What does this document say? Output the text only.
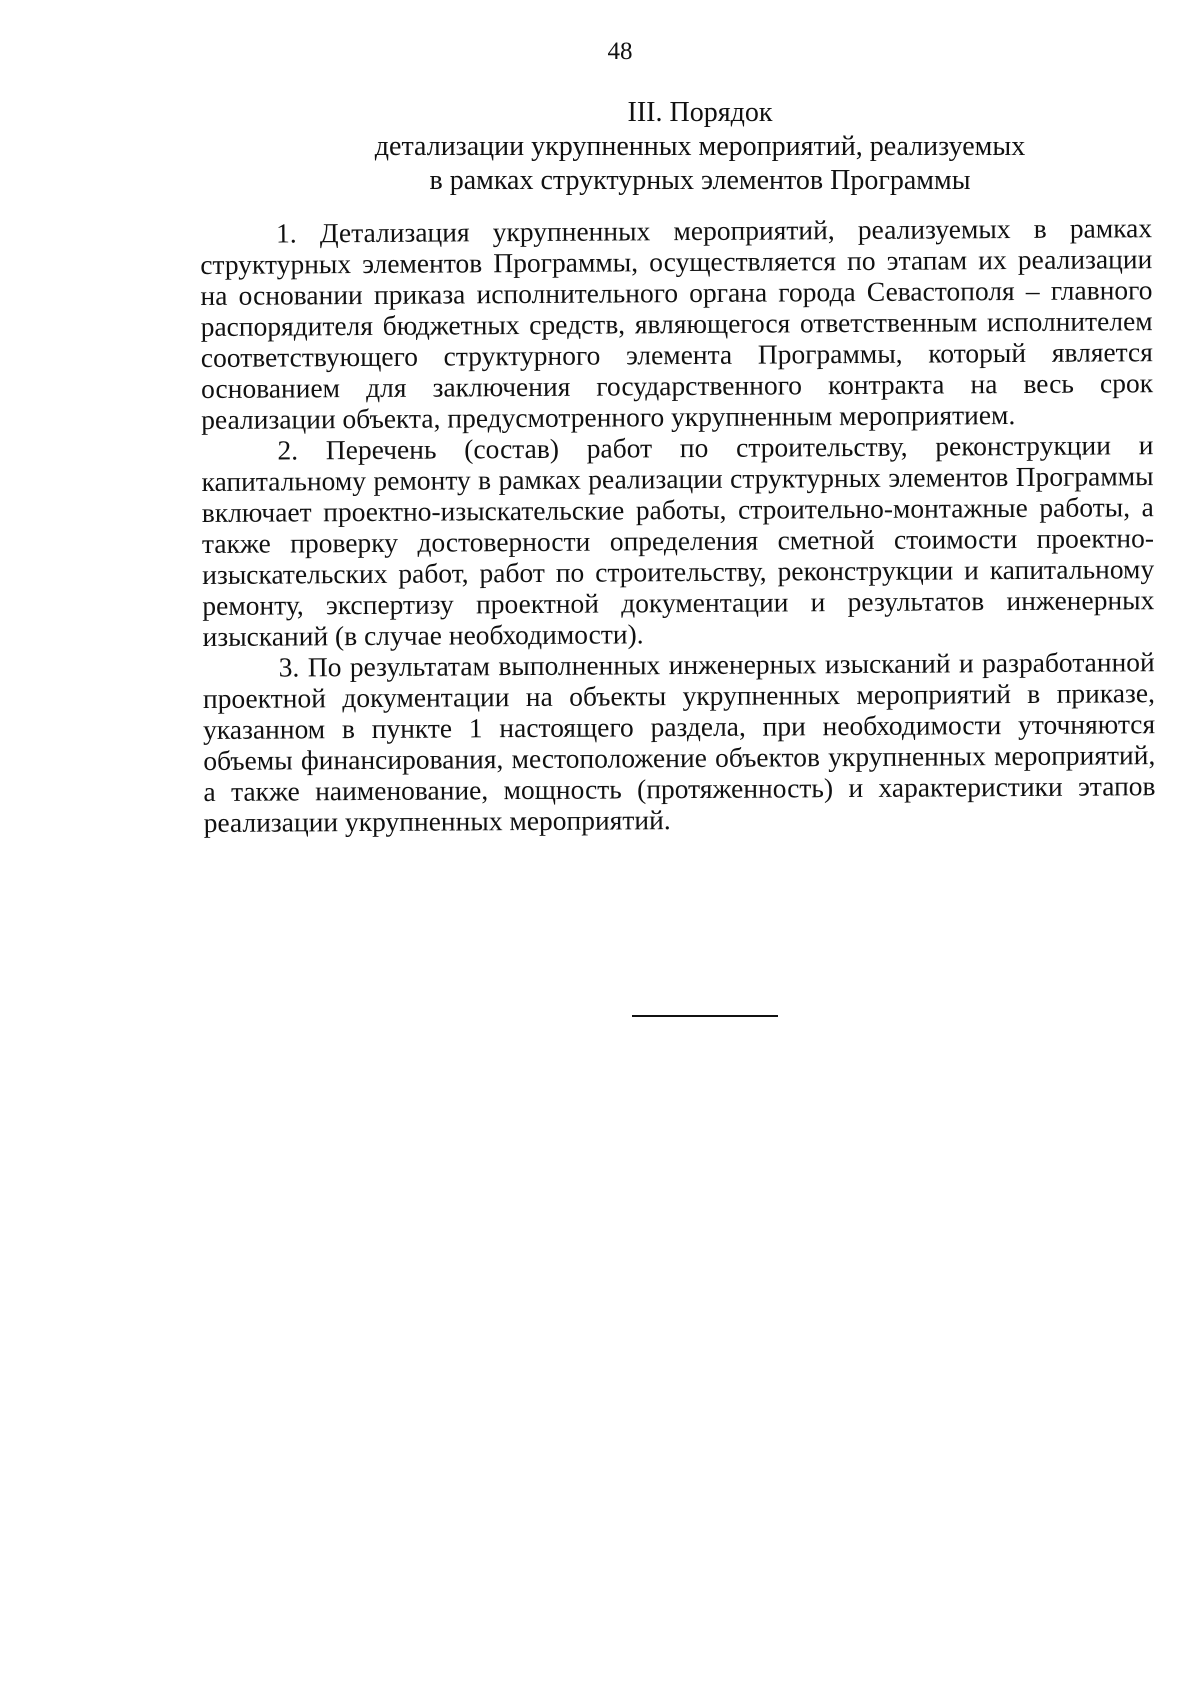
48
III. Порядок
детализации укрупненных мероприятий, реализуемых
в рамках структурных элементов Программы

1. Детализация укрупненных мероприятий, реализуемых в рамках структурных элементов Программы, осуществляется по этапам их реализации на основании приказа исполнительного органа города Севастополя – главного распорядителя бюджетных средств, являющегося ответственным исполнителем соответствующего структурного элемента Программы, который является основанием для заключения государственного контракта на весь срок реализации объекта, предусмотренного укрупненным мероприятием.

2. Перечень (состав) работ по строительству, реконструкции и капитальному ремонту в рамках реализации структурных элементов Программы включает проектно-изыскательские работы, строительно-монтажные работы, а также проверку достоверности определения сметной стоимости проектно-изыскательских работ, работ по строительству, реконструкции и капитальному ремонту, экспертизу проектной документации и результатов инженерных изысканий (в случае необходимости).

3. По результатам выполненных инженерных изысканий и разработанной проектной документации на объекты укрупненных мероприятий в приказе, указанном в пункте 1 настоящего раздела, при необходимости уточняются объемы финансирования, местоположение объектов укрупненных мероприятий, а также наименование, мощность (протяженность) и характеристики этапов реализации укрупненных мероприятий.
